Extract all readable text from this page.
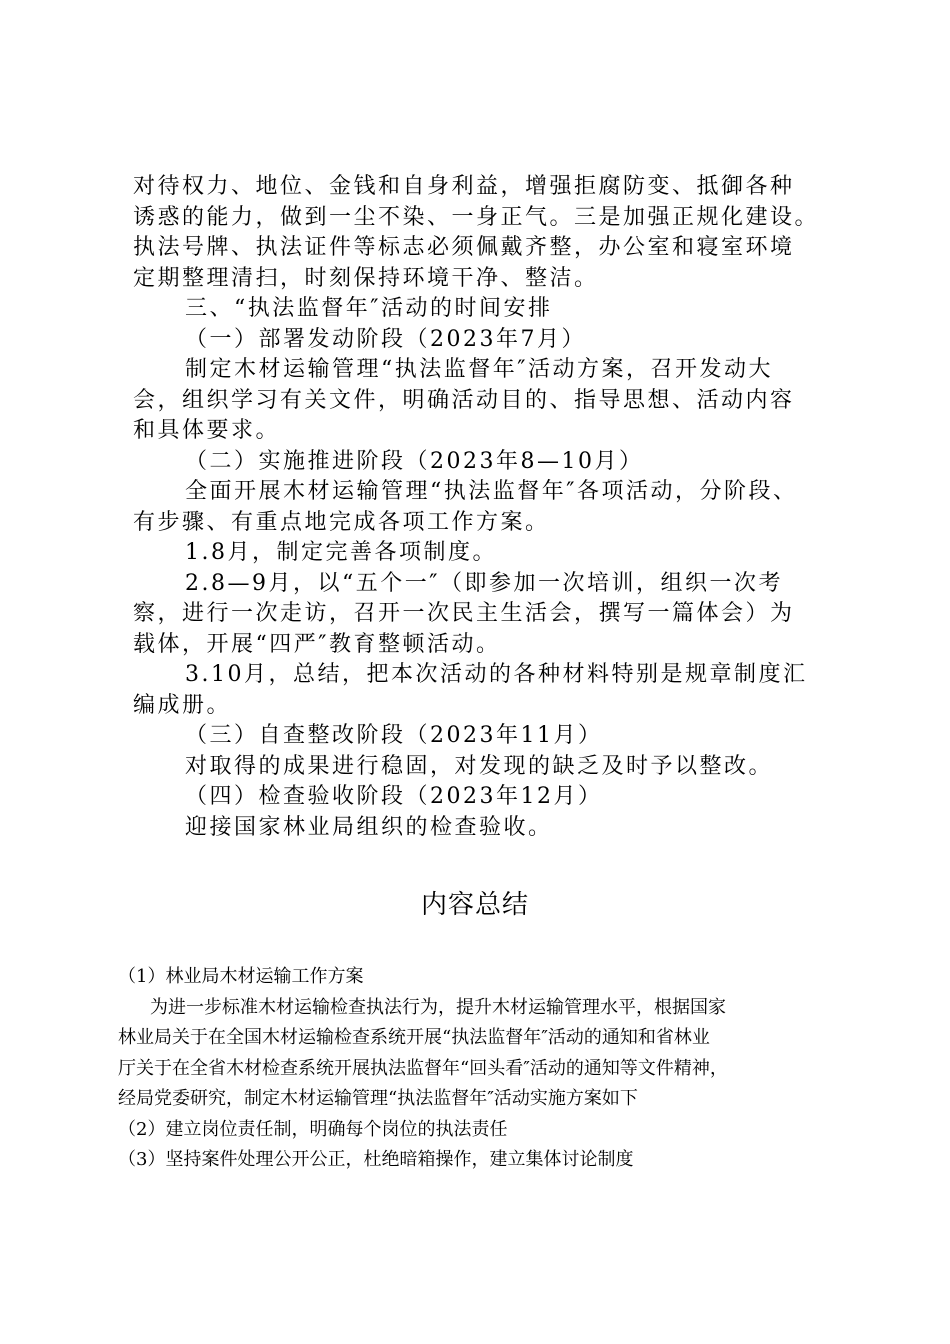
对待权力、地位、金钱和自身利益，增强拒腐防变、抵御各种

诱惑的能力，做到一尘不染、一身正气。三是加强正规化建设。

执法号牌、执法证件等标志必须佩戴齐整，办公室和寝室环境

定期整理清扫，时刻保持环境干净、整洁。

三、“执法监督年″活动的时间安排

（一）部署发动阶段（2023年7月）

制定木材运输管理“执法监督年″活动方案，召开发动大

会，组织学习有关文件，明确活动目的、指导思想、活动内容

和具体要求。

（二）实施推进阶段（2023年8—10月）

全面开展木材运输管理“执法监督年″各项活动，分阶段、

有步骤、有重点地完成各项工作方案。

1.8月，制定完善各项制度。

2.8—9月，以“五个一″（即参加一次培训，组织一次考

察，进行一次走访，召开一次民主生活会，撰写一篇体会）为

载体，开展“四严″教育整顿活动。

3.10月，总结，把本次活动的各种材料特别是规章制度汇

编成册。

（三）自查整改阶段（2023年11月）

对取得的成果进行稳固，对发现的缺乏及时予以整改。

（四）检查验收阶段（2023年12月）

迎接国家林业局组织的检查验收。

内容总结

（1）林业局木材运输工作方案

为进一步标准木材运输检查执法行为，提升木材运输管理水平，根据国家

林业局关于在全国木材运输检查系统开展“执法监督年″活动的通知和省林业

厅关于在全省木材检查系统开展执法监督年“回头看″活动的通知等文件精神，

经局党委研究，制定木材运输管理“执法监督年″活动实施方案如下

（2）建立岗位责任制，明确每个岗位的执法责任

（3）坚持案件处理公开公正，杜绝暗箱操作，建立集体讨论制度
